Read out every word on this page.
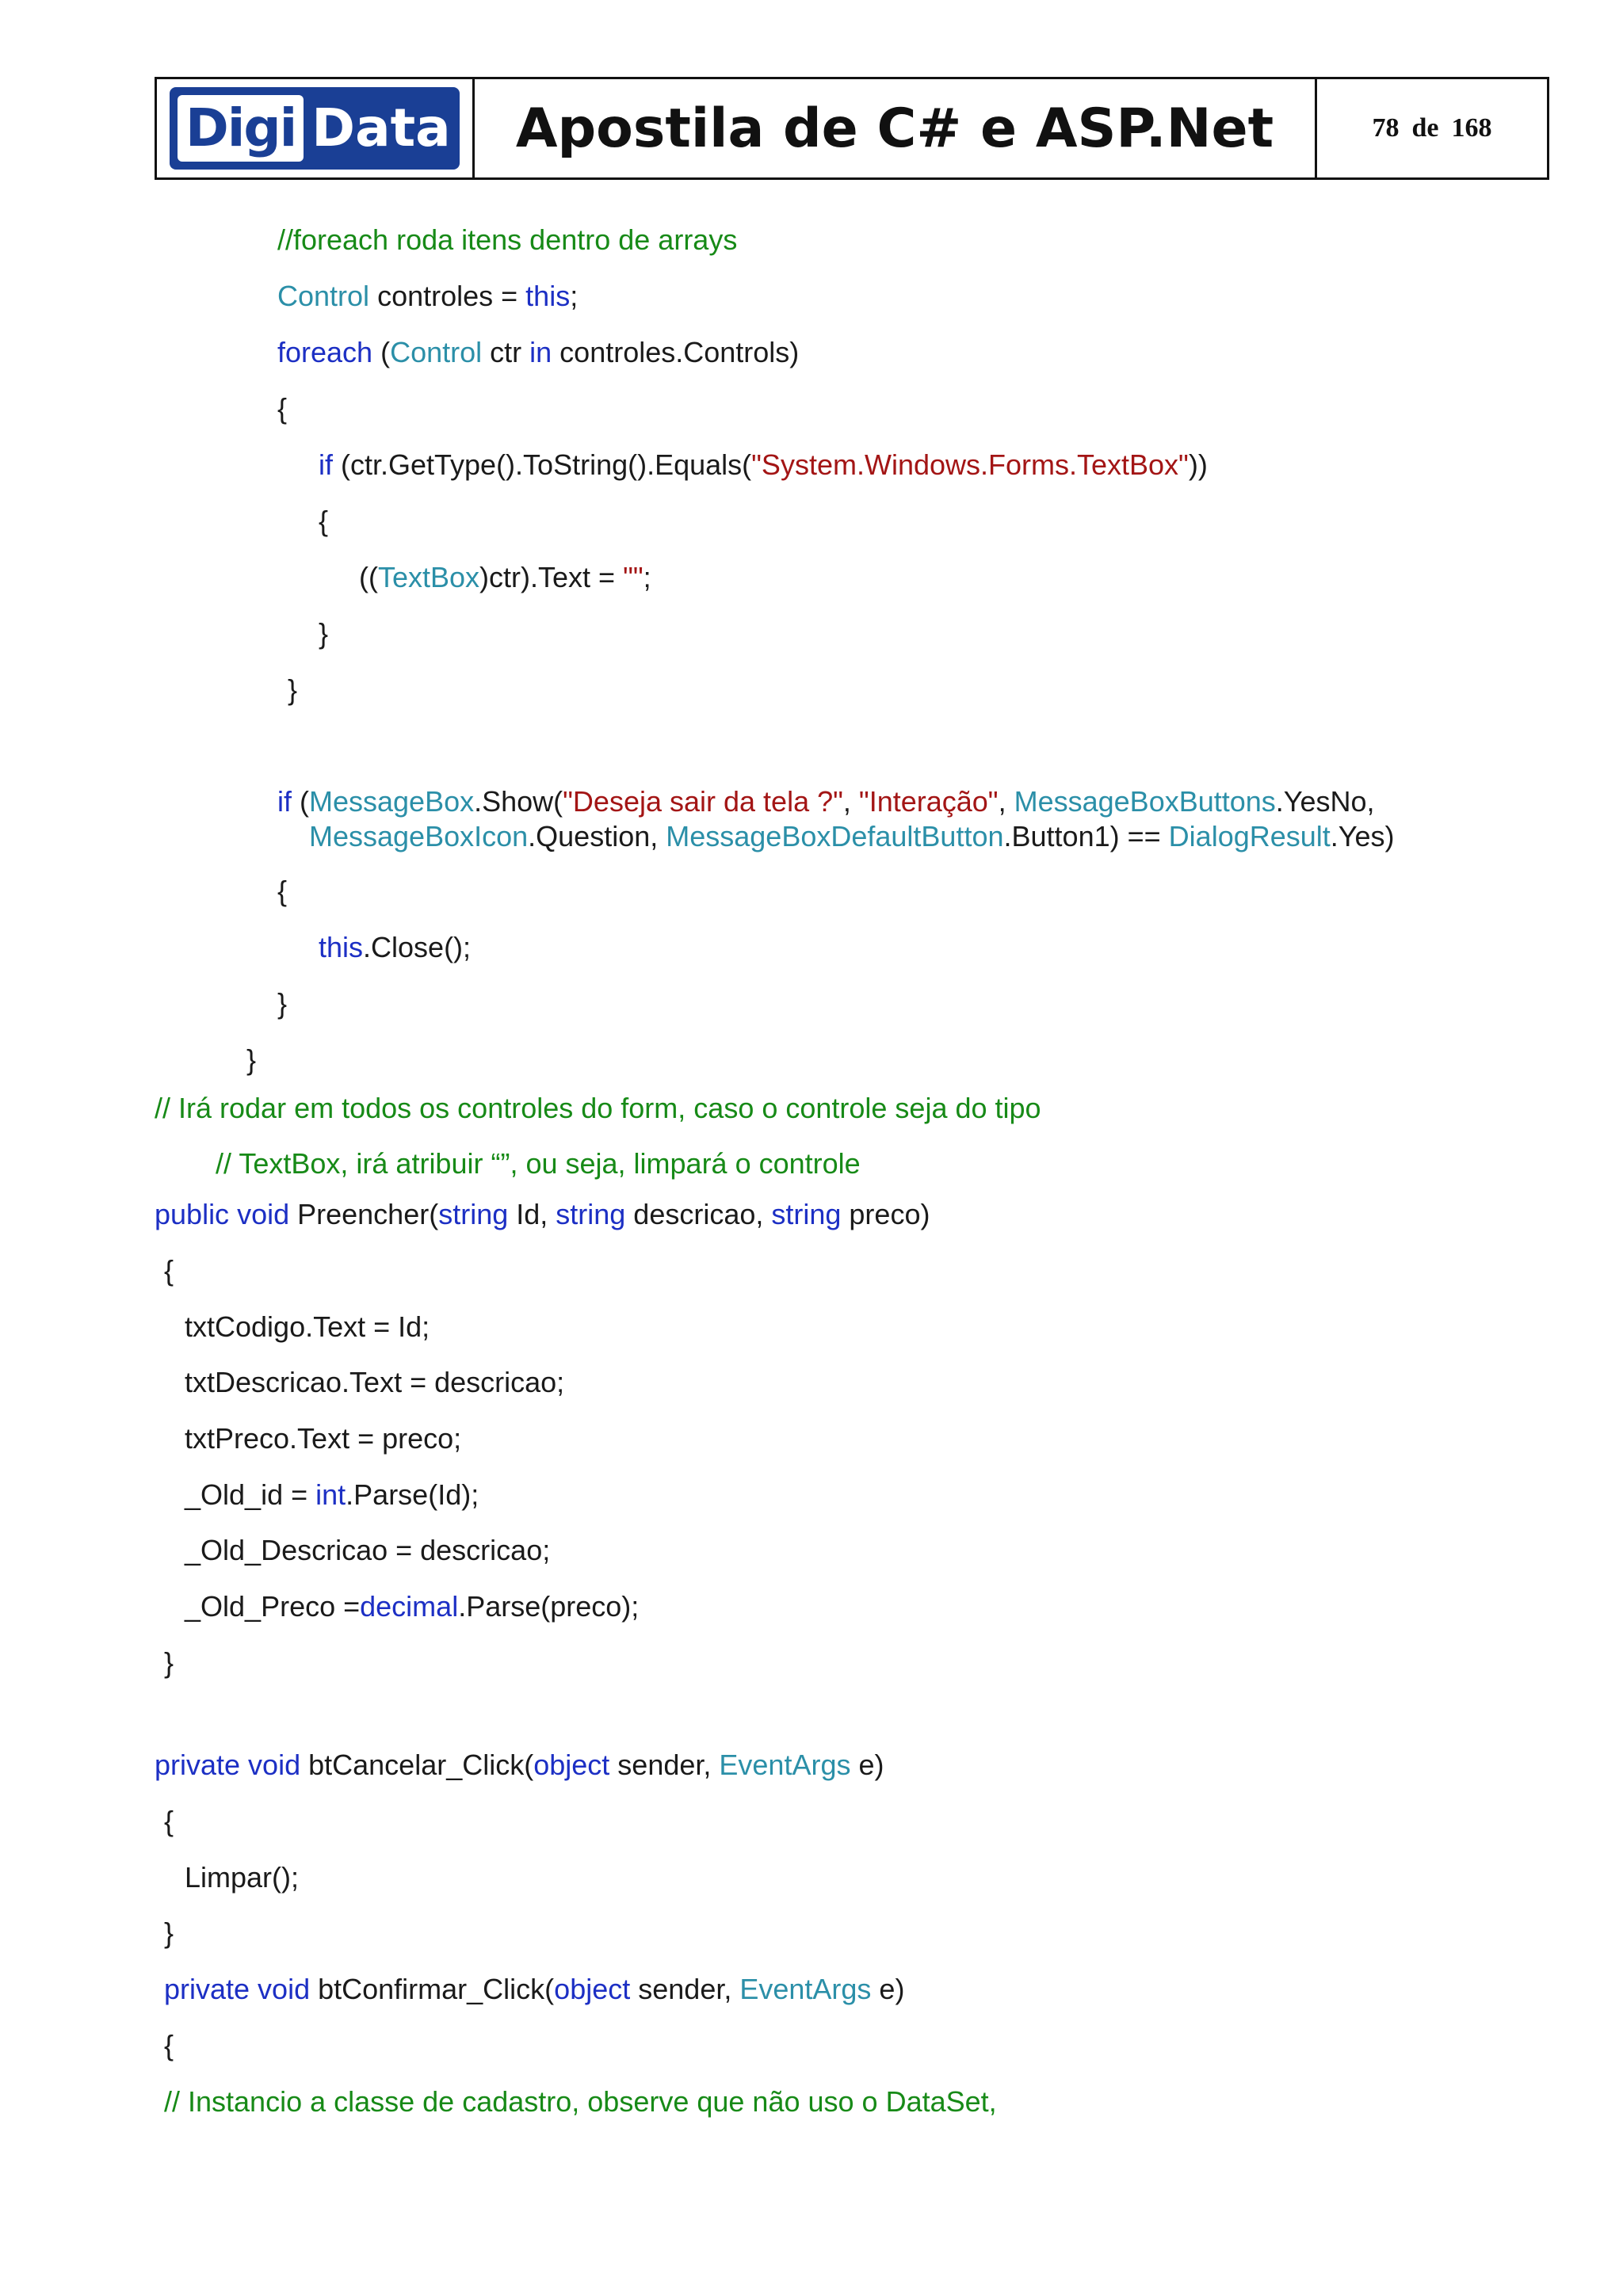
Digi Data	Apostila de C# e ASP.Net	78 de 168
//foreach roda itens dentro de arrays
Control controles = this;
foreach (Control ctr in controles.Controls)
{
if (ctr.GetType().ToString().Equals("System.Windows.Forms.TextBox"))
{
((TextBox)ctr).Text = "";
}
}
if (MessageBox.Show("Deseja sair da tela ?", "Interação", MessageBoxButtons.YesNo,
MessageBoxIcon.Question, MessageBoxDefaultButton.Button1) == DialogResult.Yes)
{
this.Close();
}
}
// Irá rodar em todos os controles do form, caso o controle seja do tipo
// TextBox, irá atribuir “”, ou seja, limpará o controle
public void Preencher(string Id, string descricao, string preco)
{
txtCodigo.Text = Id;
txtDescricao.Text = descricao;
txtPreco.Text = preco;
_Old_id = int.Parse(Id);
_Old_Descricao = descricao;
_Old_Preco =decimal.Parse(preco);
}
private void btCancelar_Click(object sender, EventArgs e)
{
Limpar();
}
private void btConfirmar_Click(object sender, EventArgs e)
{
// Instancio a classe de cadastro, observe que não uso o DataSet,
